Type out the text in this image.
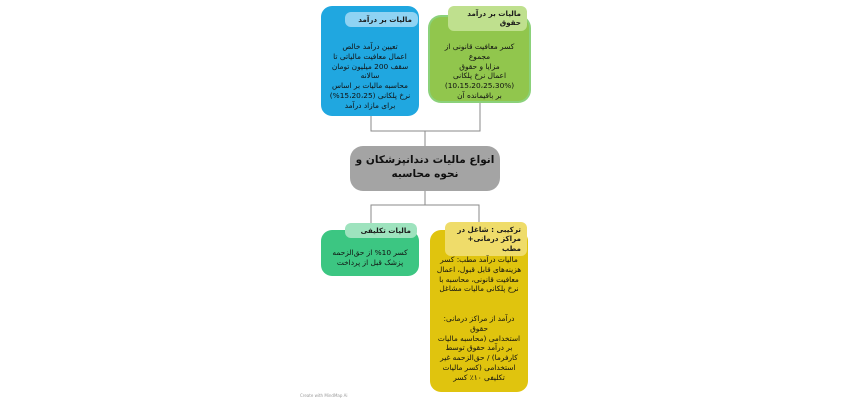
مالیات بر درآمد
تعیین درآمد خالص
اعمال معافیت مالیاتی تا
سقف 200 میلیون تومان
سالانه
محاسبه مالیات بر اساس
نرخ پلکانی (15،20،25%)
برای مازاد درآمد
مالیات بر درآمد
حقوق
کسر معافیت قانونی از مجموع
مزایا و حقوق
اعمال نرخ پلکانی
(10،15،20،25،30%)
بر باقیمانده آن
انواع مالیات دندانپزشکان و
نحوه محاسبه
مالیات تکلیفی
کسر 10% از حق‌الزحمه
پزشک قبل از پرداخت
ترکیبی : شاغل در
مراکز درمانی+ مطب
مالیات درآمد مطب: کسر
هزینه‌های قابل قبول، اعمال
معافیت قانونی، محاسبه با
نرخ پلکانی مالیات مشاغل
درآمد از مراکز درمانی: حقوق
استخدامی (محاسبه مالیات
بر درآمد حقوق توسط
کارفرما) / حق‌الزحمه غیر
استخدامی (کسر مالیات
تکلیفی ۱۰٪ کسر
Create with MindMap Ai
